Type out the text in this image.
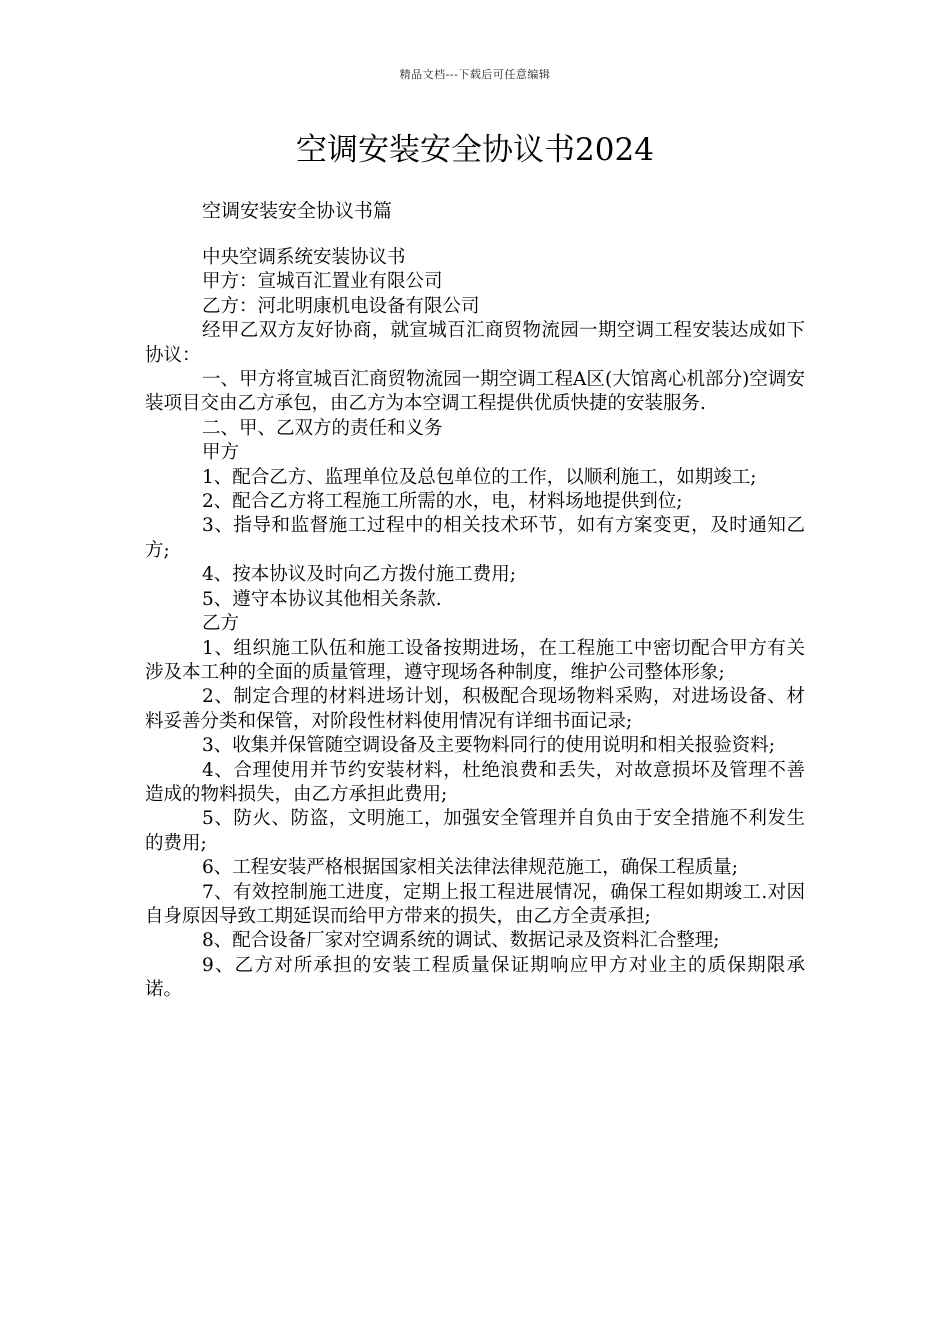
精品文档---下载后可任意编辑
空调安装安全协议书2024
空调安装安全协议书篇

中央空调系统安装协议书

甲方：宣城百汇置业有限公司

乙方：河北明康机电设备有限公司

经甲乙双方友好协商，就宣城百汇商贸物流园一期空调工程安装达成如下协议：

一、甲方将宣城百汇商贸物流园一期空调工程A区(大馆离心机部分)空调安装项目交由乙方承包，由乙方为本空调工程提供优质快捷的安装服务.

二、甲、乙双方的责任和义务

甲方

1、配合乙方、监理单位及总包单位的工作，以顺利施工，如期竣工;

2、配合乙方将工程施工所需的水，电，材料场地提供到位;

3、指导和监督施工过程中的相关技术环节，如有方案变更，及时通知乙方;

4、按本协议及时向乙方拨付施工费用;

5、遵守本协议其他相关条款.

乙方

1、组织施工队伍和施工设备按期进场，在工程施工中密切配合甲方有关涉及本工种的全面的质量管理，遵守现场各种制度，维护公司整体形象;

2、制定合理的材料进场计划，积极配合现场物料采购，对进场设备、材料妥善分类和保管，对阶段性材料使用情况有详细书面记录;

3、收集并保管随空调设备及主要物料同行的使用说明和相关报验资料;

4、合理使用并节约安装材料，杜绝浪费和丢失，对故意损坏及管理不善造成的物料损失，由乙方承担此费用;

5、防火、防盗，文明施工，加强安全管理并自负由于安全措施不利发生的费用;

6、工程安装严格根据国家相关法律法律规范施工，确保工程质量;

7、有效控制施工进度，定期上报工程进展情况，确保工程如期竣工.对因自身原因导致工期延误而给甲方带来的损失，由乙方全责承担;

8、配合设备厂家对空调系统的调试、数据记录及资料汇合整理;

9、乙方对所承担的安装工程质量保证期响应甲方对业主的质保期限承诺。
